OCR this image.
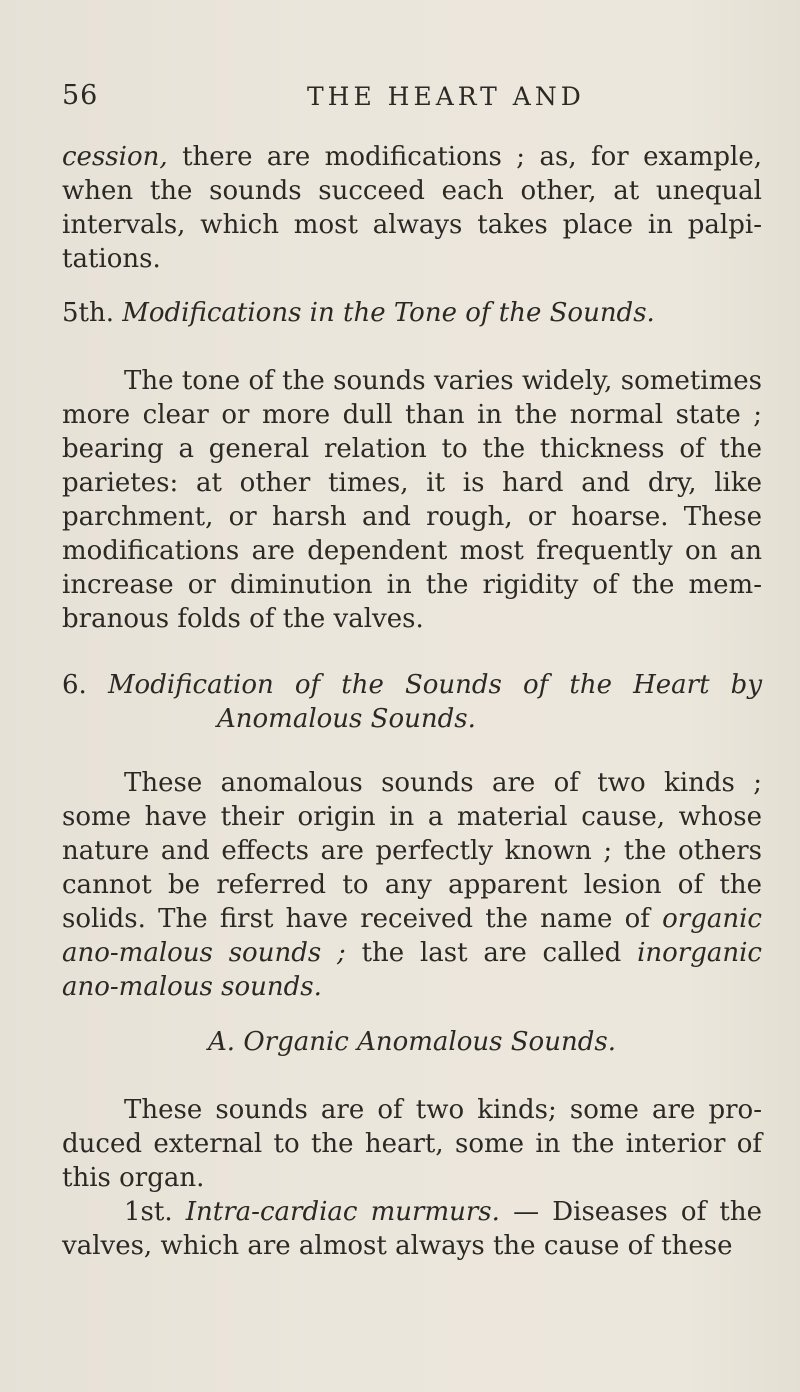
56	THE HEART AND

cession, there are modifications ; as, for example, when the sounds succeed each other, at unequal intervals, which most always takes place in palpi-tations.

5th. Modifications in the Tone of the Sounds.

The tone of the sounds varies widely, sometimes more clear or more dull than in the normal state ; bearing a general relation to the thickness of the parietes: at other times, it is hard and dry, like parchment, or harsh and rough, or hoarse. These modifications are dependent most frequently on an increase or diminution in the rigidity of the mem-branous folds of the valves.

6. Modification of the Sounds of the Heart by
Anomalous Sounds.

These anomalous sounds are of two kinds ; some have their origin in a material cause, whose nature and effects are perfectly known ; the others cannot be referred to any apparent lesion of the solids. The first have received the name of organic ano-malous sounds ; the last are called inorganic ano-malous sounds.

A. Organic Anomalous Sounds.

These sounds are of two kinds; some are pro-duced external to the heart, some in the interior of this organ.

1st. Intra-cardiac murmurs. — Diseases of the valves, which are almost always the cause of these
